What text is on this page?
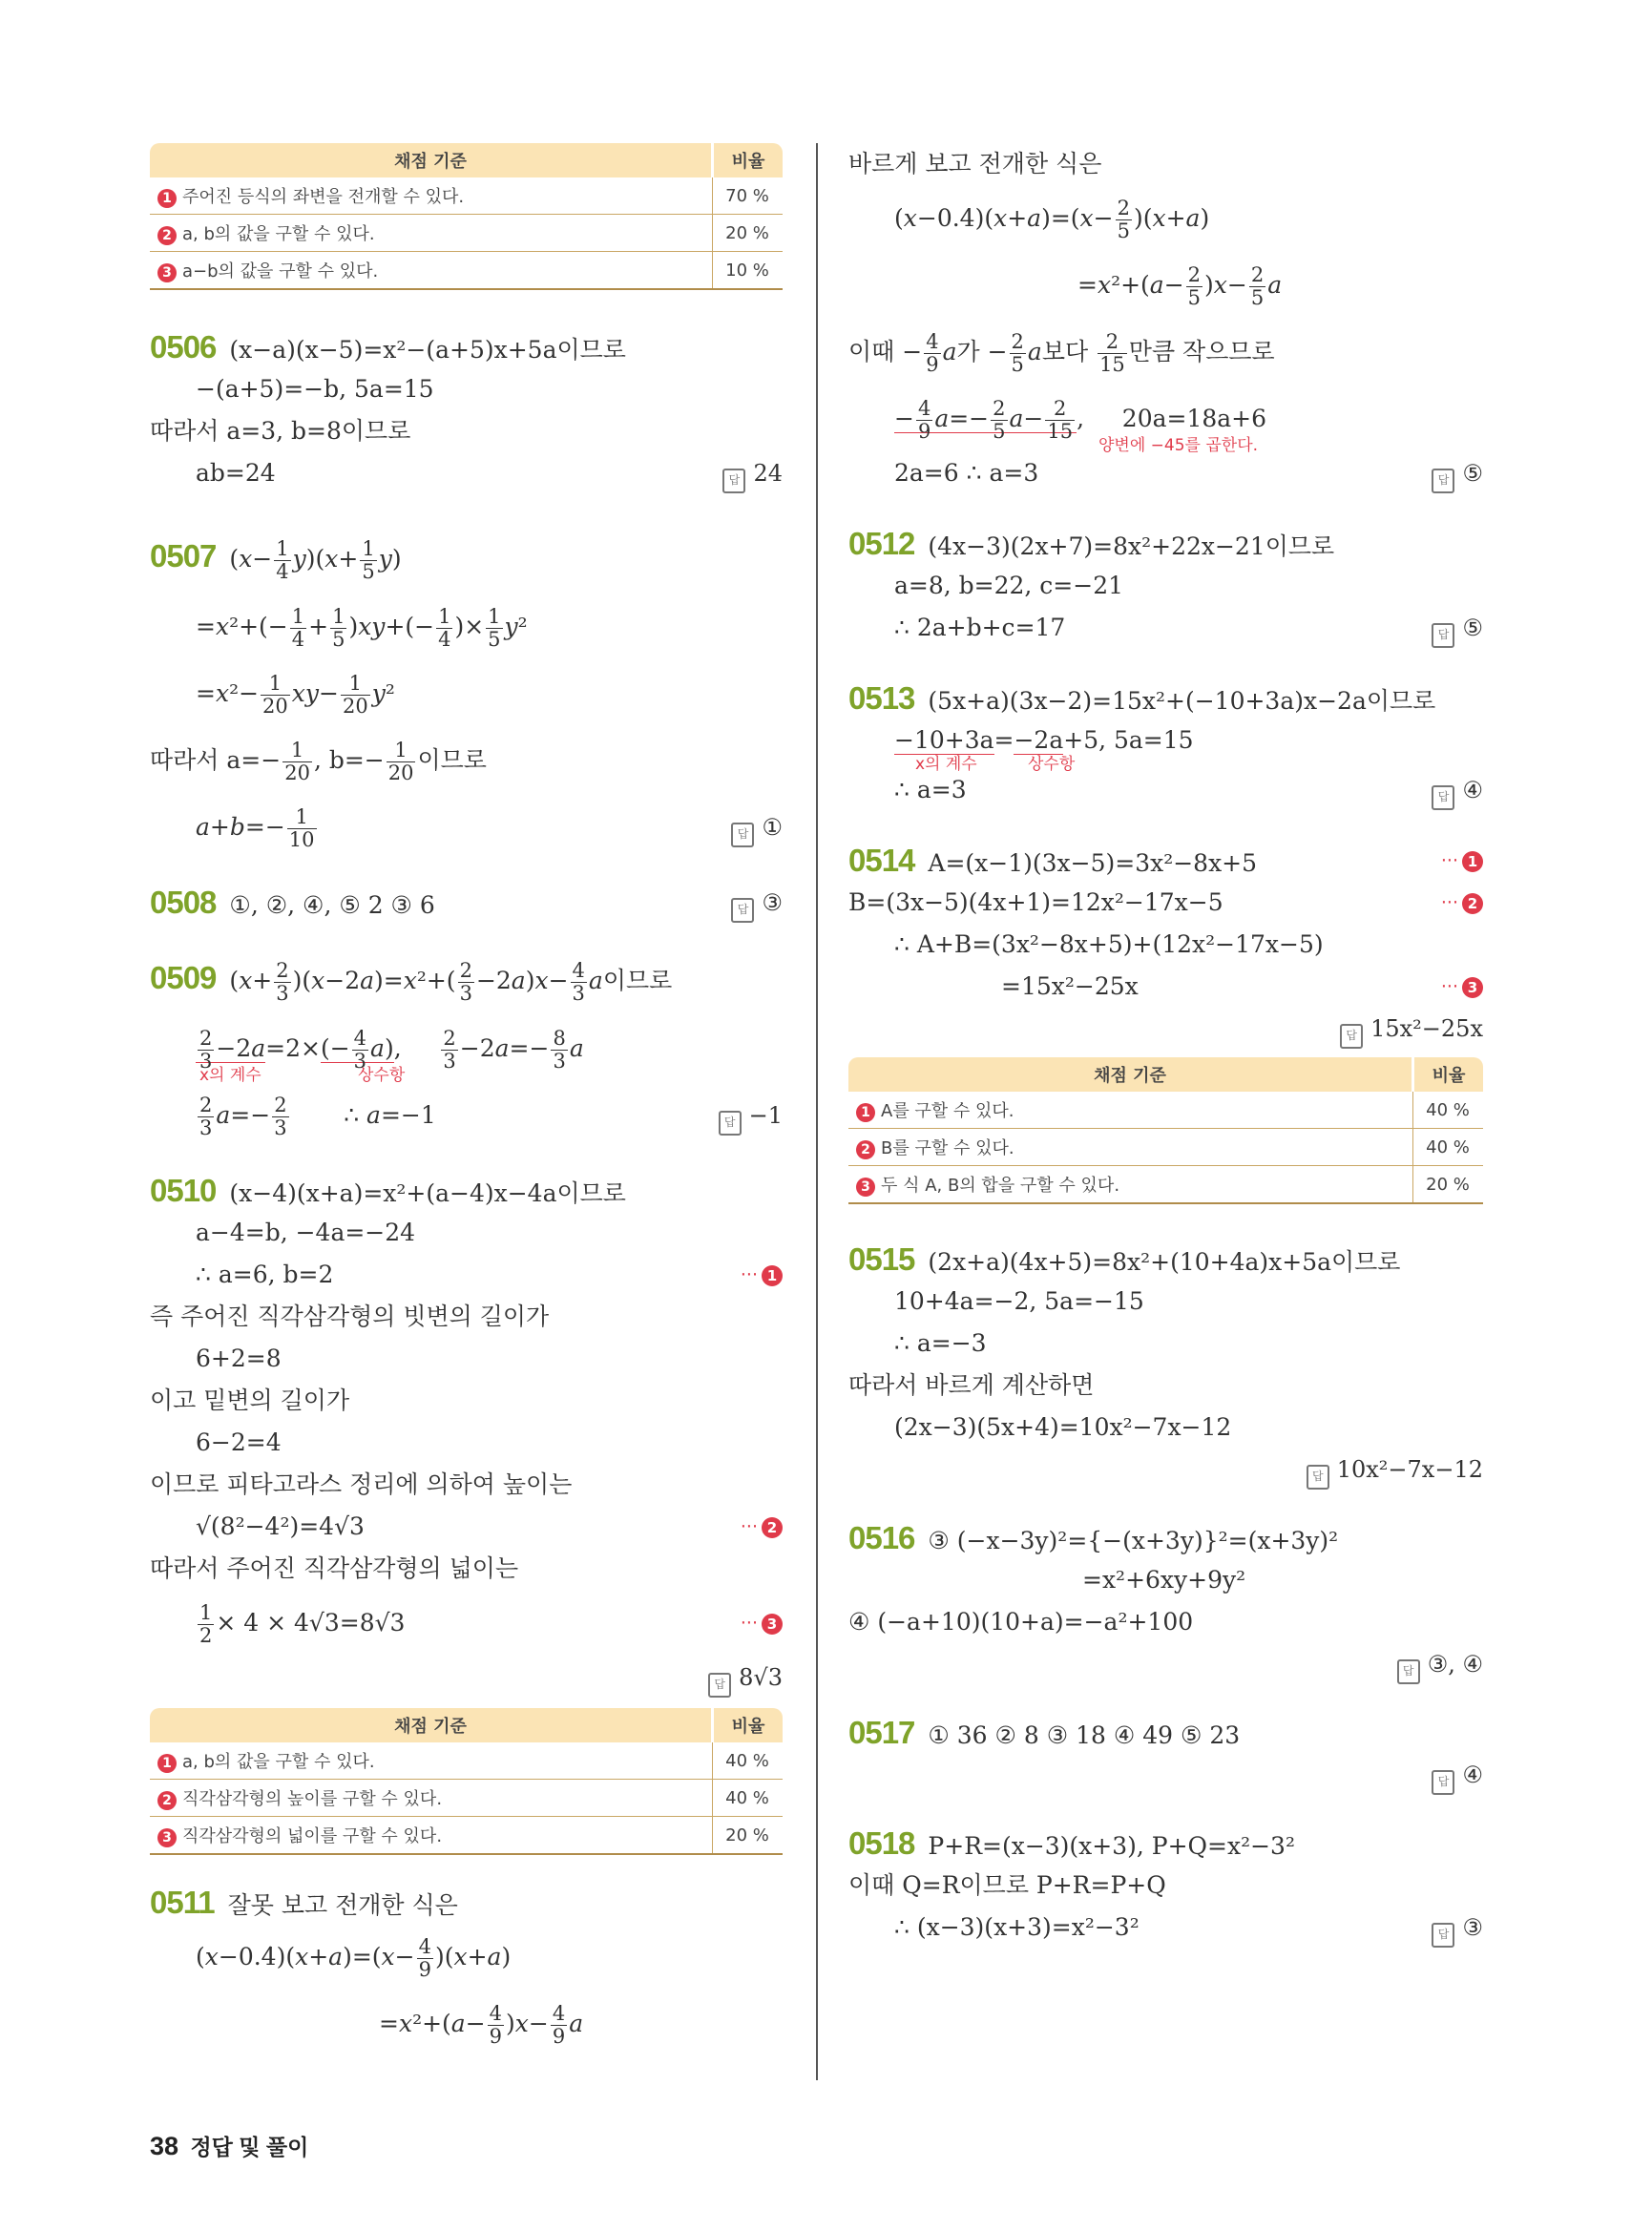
채점 기준	비율
1 주어진 등식의 좌변을 전개할 수 있다.	70 %
2 a, b의 값을 구할 수 있다.	20 %
3 a−b의 값을 구할 수 있다.	10 %
0506 (x−a)(x−5)=x²−(a+5)x+5a이므로
−(a+5)=−b, 5a=15
따라서 a=3, b=8이므로
ab=24	답 24
0507 $(x- \frac{1}{4} y)(x+ \frac{1}{5} y)$
$=x^2+(- \frac{1}{4} + \frac{1}{5} )xy+(- \frac{1}{4}$ )× $\frac{1}{5} y^2$
$=x^2- \frac{1}{20} xy- \frac{1}{20} y^2$
따라서 $a=- \frac{1}{20}$ , $b=- \frac{1}{20}$ 이므로
$a+b=- \frac{1}{10}$	답 ①
0508 ①, ②, ④, ⑤ 2 ③ 6	답 ③
0509 $(x+ \frac{2}{3} )(x-2a)=x^2+( \frac{2}{3} -2a)x- \frac{4}{3}$ a이므로
$\frac{2}{3} -2a=2\times(- \frac{4}{3} a)$, $\frac{2}{3} -2a=- \frac{8}{3}$ a
x의 계수	상수항
$\frac{2}{3} a=- \frac{2}{3}$ ∴ a=−1	답 −1
0510 (x−4)(x+a)=x²+(a−4)x−4a이므로
a−4=b, −4a=−24
∴ a=6, b=2	··· 1
즉 주어진 직각삼각형의 빗변의 길이가
6+2=8
이고 밑변의 길이가
6−2=4
이므로 피타고라스 정리에 의하여 높이는
√(8²−4²)=4√3	··· 2
따라서 주어진 직각삼각형의 넓이는
$\frac{1}{2} \times 4 \times 4√3=8√3$	··· 3
답 8√3
채점 기준	비율
1 a, b의 값을 구할 수 있다.	40 %
2 직각삼각형의 높이를 구할 수 있다.	40 %
3 직각삼각형의 넓이를 구할 수 있다.	20 %
0511 잘못 보고 전개한 식은
(x−0.4̇)(x+a)=(x− $\frac{4}{9} )(x+a)$
$=x^2+(a- \frac{4}{9} )x- \frac{4}{9}$ a
바르게 보고 전개한 식은
$(x-0.4)(x+a)=(x- \frac{2}{5} )(x+a)$
$=x^2+(a- \frac{2}{5} )x- \frac{2}{5}$ a
이때 − $\frac{4}{9}$ a가 − $\frac{2}{5}$ a보다 $\frac{2}{15}$ 만큼 작으므로
− $\frac{4}{9} a=- \frac{2}{5} a- \frac{2}{15}$ ,     20a=18a+6
양변에 −45를 곱한다.
2a=6 ∴ a=3	답 ⑤
0512 (4x−3)(2x+7)=8x²+22x−21이므로
a=8, b=22, c=−21
∴ 2a+b+c=17	답 ⑤
0513 (5x+a)(3x−2)=15x²+(−10+3a)x−2a이므로
−10+3a=−2a+5, 5a=15
x의 계수	상수항
∴ a=3	답 ④
0514 A=(x−1)(3x−5)=3x²−8x+5	··· 1
B=(3x−5)(4x+1)=12x²−17x−5	··· 2
∴ A+B=(3x²−8x+5)+(12x²−17x−5)
=15x²−25x	··· 3
답 15x²−25x
채점 기준	비율
1 A를 구할 수 있다.	40 %
2 B를 구할 수 있다.	40 %
3 두 식 A, B의 합을 구할 수 있다.	20 %
0515 (2x+a)(4x+5)=8x²+(10+4a)x+5a이므로
10+4a=−2, 5a=−15
∴ a=−3
따라서 바르게 계산하면
(2x−3)(5x+4)=10x²−7x−12
답 10x²−7x−12
0516 ③ (−x−3y)²={−(x+3y)}²=(x+3y)²
=x²+6xy+9y²
④ (−a+10)(10+a)=−a²+100
답 ③, ④
0517 ① 36 ② 8 ③ 18 ④ 49 ⑤ 23
답 ④
0518 P+R=(x−3)(x+3), P+Q=x²−3²
이때 Q=R이므로 P+R=P+Q
∴ (x−3)(x+3)=x²−3²	답 ③
38 정답 및 풀이
